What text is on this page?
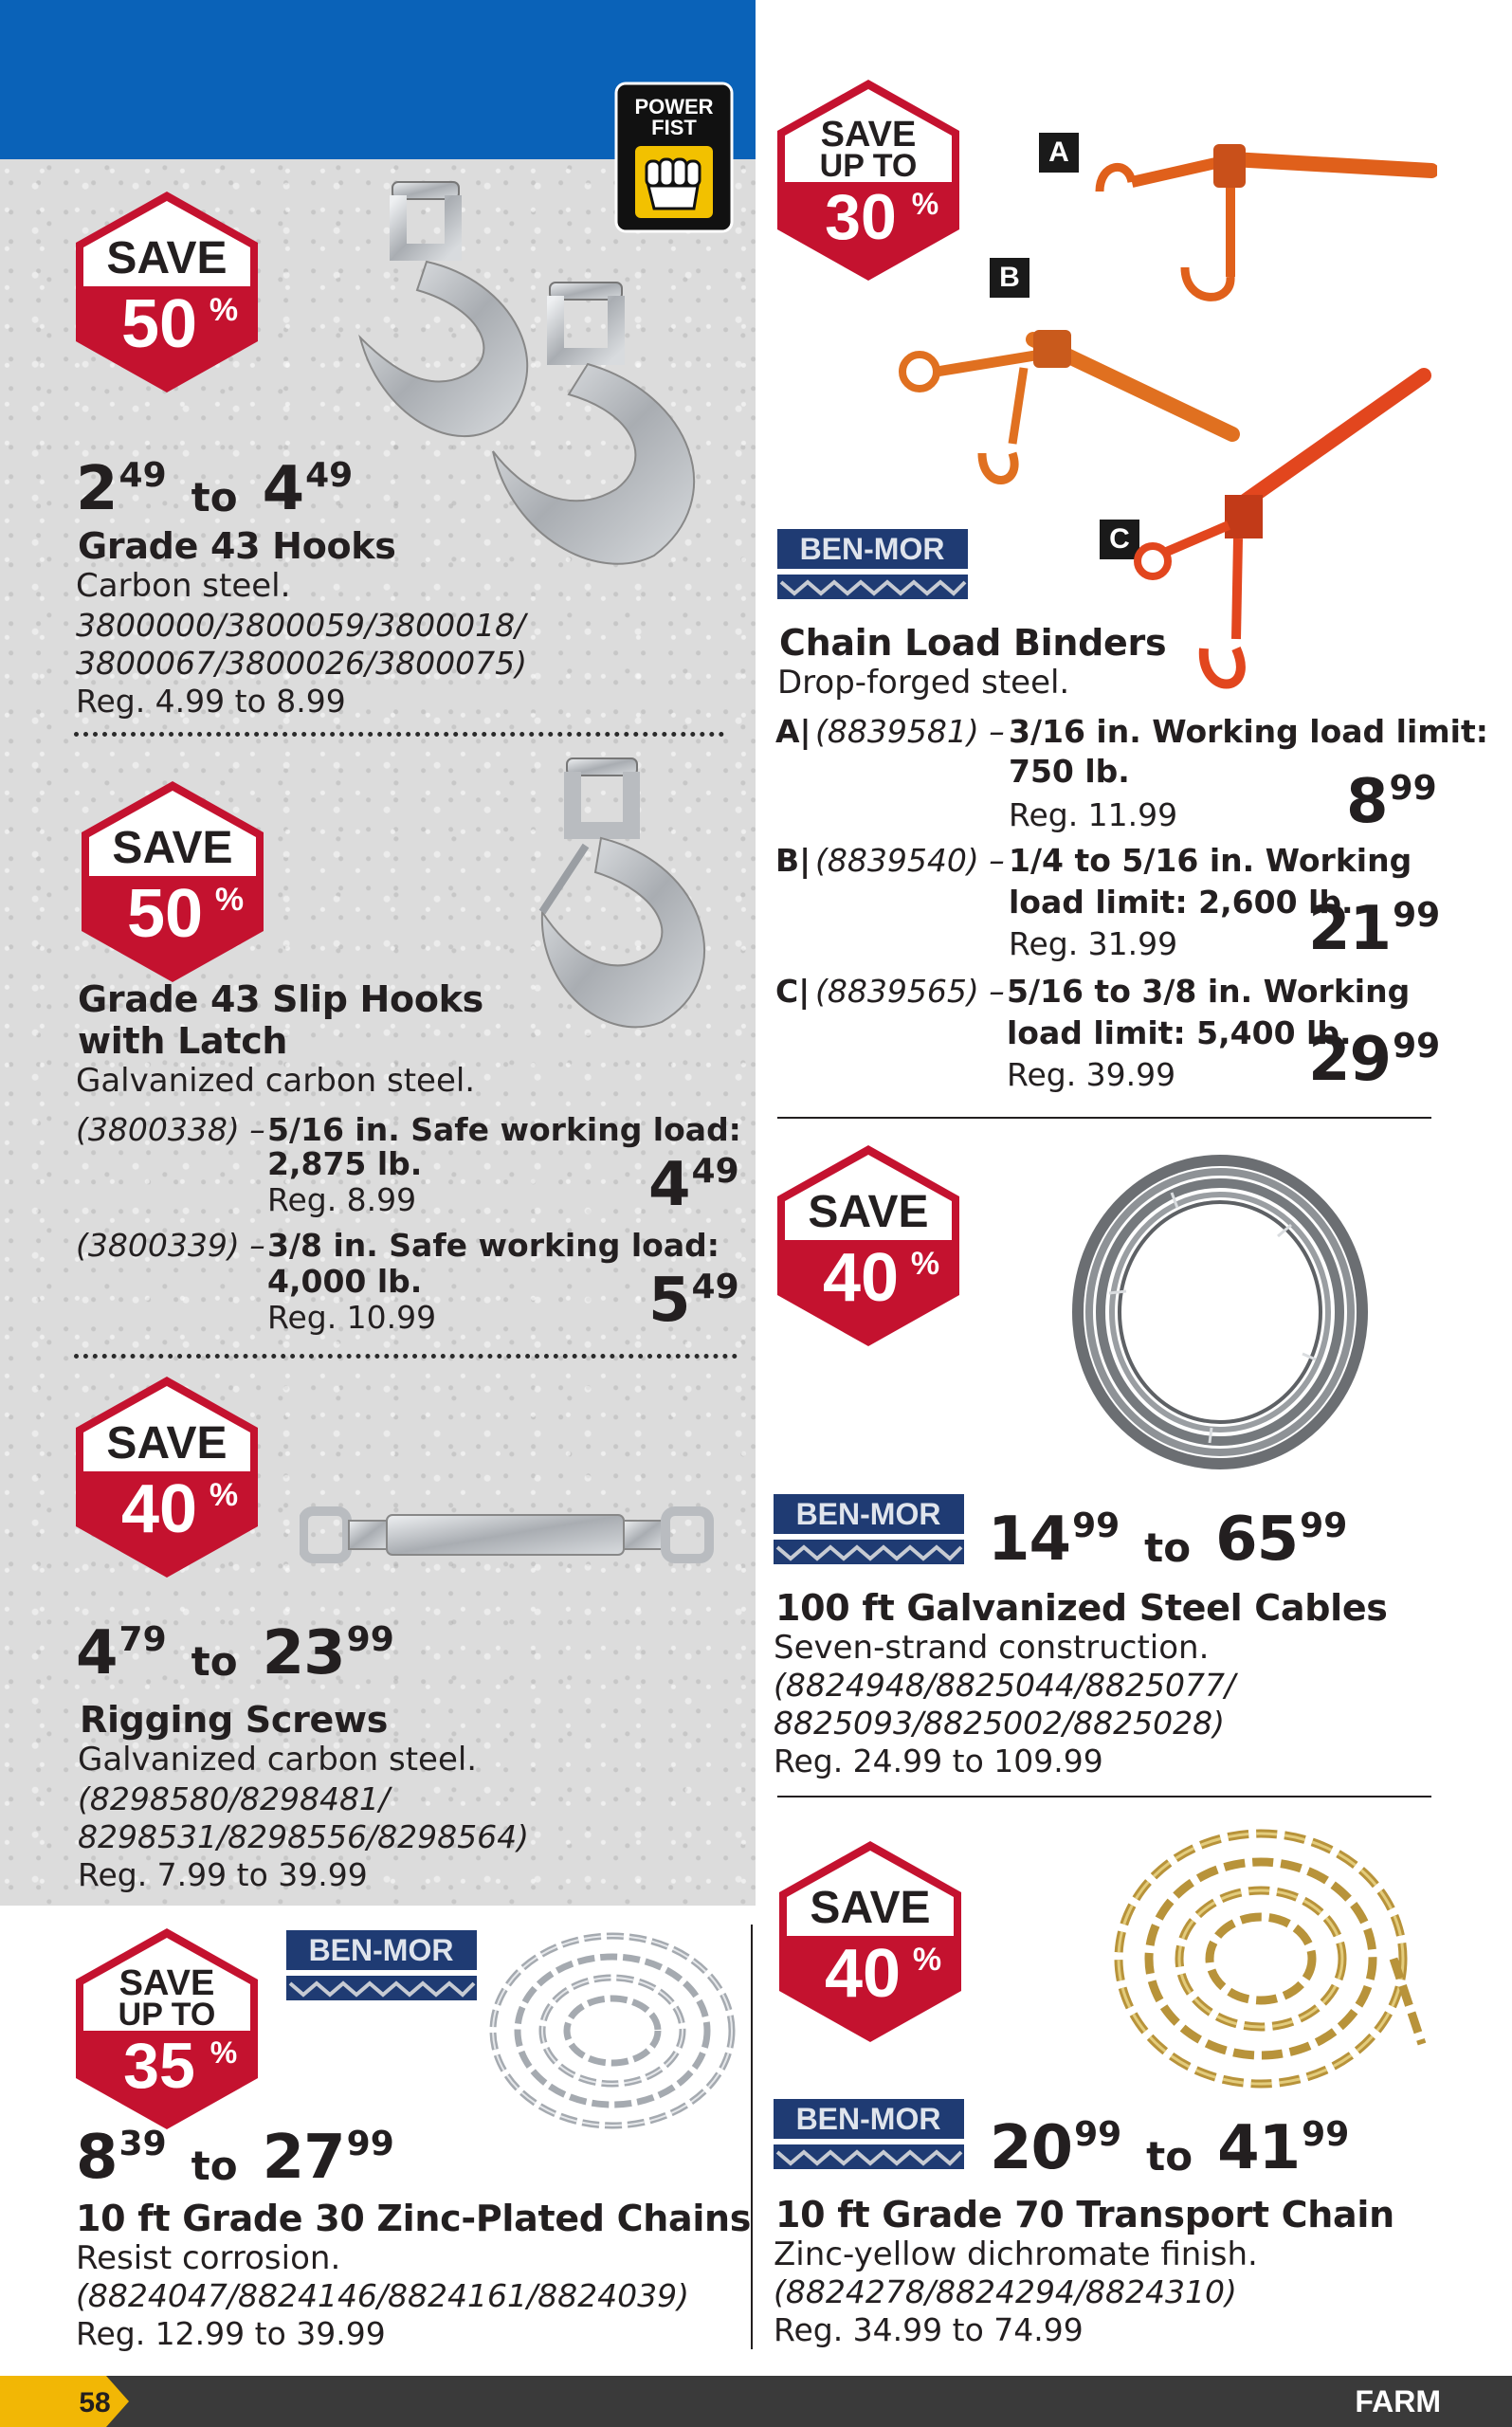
POWER
FIST
SAVE
50 %
2 49 to 4 49
Grade 43 Hooks
Carbon steel.
3800000/3800059/3800018/
3800067/3800026/3800075)
Reg. 4.99 to 8.99
SAVE
50 %
Grade 43 Slip Hooks
with Latch
Galvanized carbon steel.
(3800338) – 5/16 in. Safe working load:
2,875 lb.
Reg. 8.99	4 49
(3800339) – 3/8 in. Safe working load:
4,000 lb.
Reg. 10.99	5 49
SAVE
40 %
4 79 to 23 99
Rigging Screws
Galvanized carbon steel.
(8298580/8298481/
8298531/8298556/8298564)
Reg. 7.99 to 39.99
SAVE
UP TO
35 %
BEN-MOR
8 39 to 27 99
10 ft Grade 30 Zinc-Plated Chains
Resist corrosion.
(8824047/8824146/8824161/8824039)
Reg. 12.99 to 39.99
SAVE
UP TO
30 %
A
B
C
BEN-MOR
Chain Load Binders
Drop-forged steel.
A| (8839581) – 3/16 in. Working load limit:
750 lb.
Reg. 11.99	8 99
B| (8839540) – 1/4 to 5/16 in. Working
load limit: 2,600 lb.
Reg. 31.99 21 99
C| (8839565) – 5/16 to 3/8 in. Working
load limit: 5,400 lb.
Reg. 39.99 29 99
SAVE
40 %
BEN-MOR 14 99 to 65 99
100 ft Galvanized Steel Cables
Seven-strand construction.
(8824948/8825044/8825077/
8825093/8825002/8825028)
Reg. 24.99 to 109.99
SAVE
40 %
BEN-MOR 20 99 to 41 99
10 ft Grade 70 Transport Chain
Zinc-yellow dichromate finish.
(8824278/8824294/8824310)
Reg. 34.99 to 74.99
58	FARM
